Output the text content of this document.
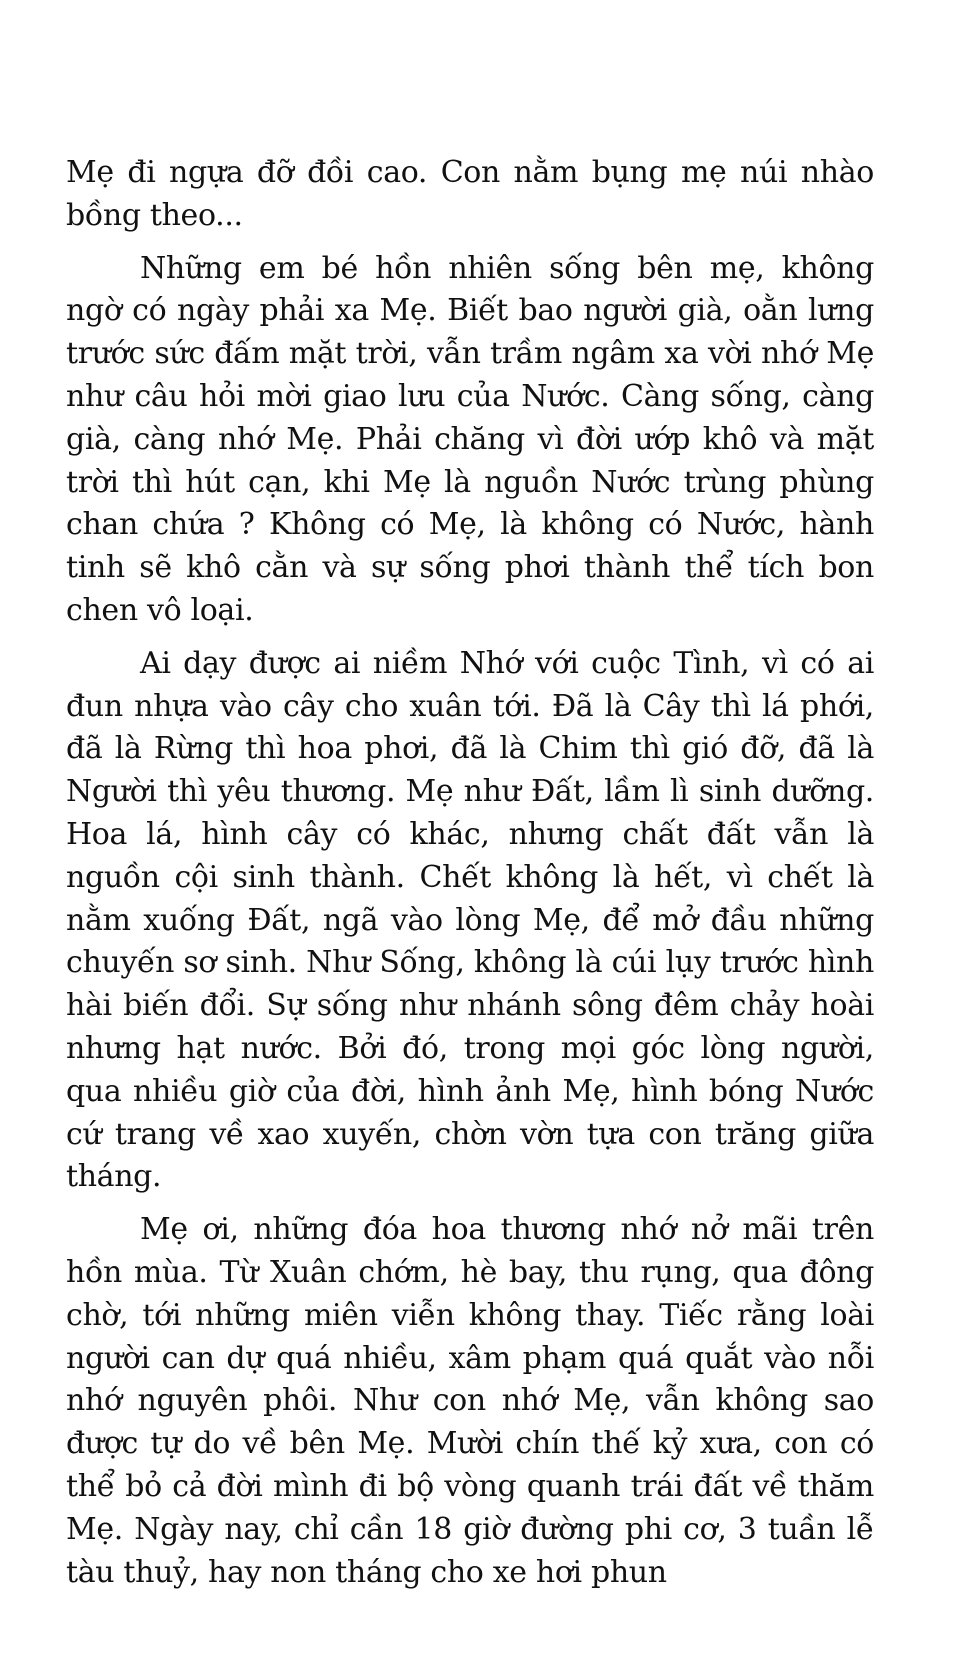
Mẹ đi ngựa đỡ đồi cao. Con nằm bụng mẹ núi nhào bồng theo...

Những em bé hồn nhiên sống bên mẹ, không ngờ có ngày phải xa Mẹ. Biết bao người già, oằn lưng trước sức đấm mặt trời, vẫn trầm ngâm xa vời nhớ Mẹ như câu hỏi mời giao lưu của Nước. Càng sống, càng già, càng nhớ Mẹ. Phải chăng vì đời ướp khô và mặt trời thì hút cạn, khi Mẹ là nguồn Nước trùng phùng chan chứa ? Không có Mẹ, là không có Nước, hành tinh sẽ khô cằn và sự sống phơi thành thể tích bon chen vô loại.

Ai dạy được ai niềm Nhớ với cuộc Tình, vì có ai đun nhựa vào cây cho xuân tới. Đã là Cây thì lá phới, đã là Rừng thì hoa phơi, đã là Chim thì gió đỡ, đã là Người thì yêu thương. Mẹ như Đất, lầm lì sinh dưỡng. Hoa lá, hình cây có khác, nhưng chất đất vẫn là nguồn cội sinh thành. Chết không là hết, vì chết là nằm xuống Đất, ngã vào lòng Mẹ, để mở đầu những chuyến sơ sinh. Như Sống, không là cúi lụy trước hình hài biến đổi. Sự sống như nhánh sông đêm chảy hoài nhưng hạt nước. Bởi đó, trong mọi góc lòng người, qua nhiều giờ của đời, hình ảnh Mẹ, hình bóng Nước cứ trang về xao xuyến, chờn vờn tựa con trăng giữa tháng.

Mẹ ơi, những đóa hoa thương nhớ nở mãi trên hồn mùa. Từ Xuân chớm, hè bay, thu rụng, qua đông chờ, tới những miên viễn không thay. Tiếc rằng loài người can dự quá nhiều, xâm phạm quá quắt vào nỗi nhớ nguyên phôi. Như con nhớ Mẹ, vẫn không sao được tự do về bên Mẹ. Mười chín thế kỷ xưa, con có thể bỏ cả đời mình đi bộ vòng quanh trái đất về thăm Mẹ. Ngày nay, chỉ cần 18 giờ đường phi cơ, 3 tuần lễ tàu thuỷ, hay non tháng cho xe hơi phun
